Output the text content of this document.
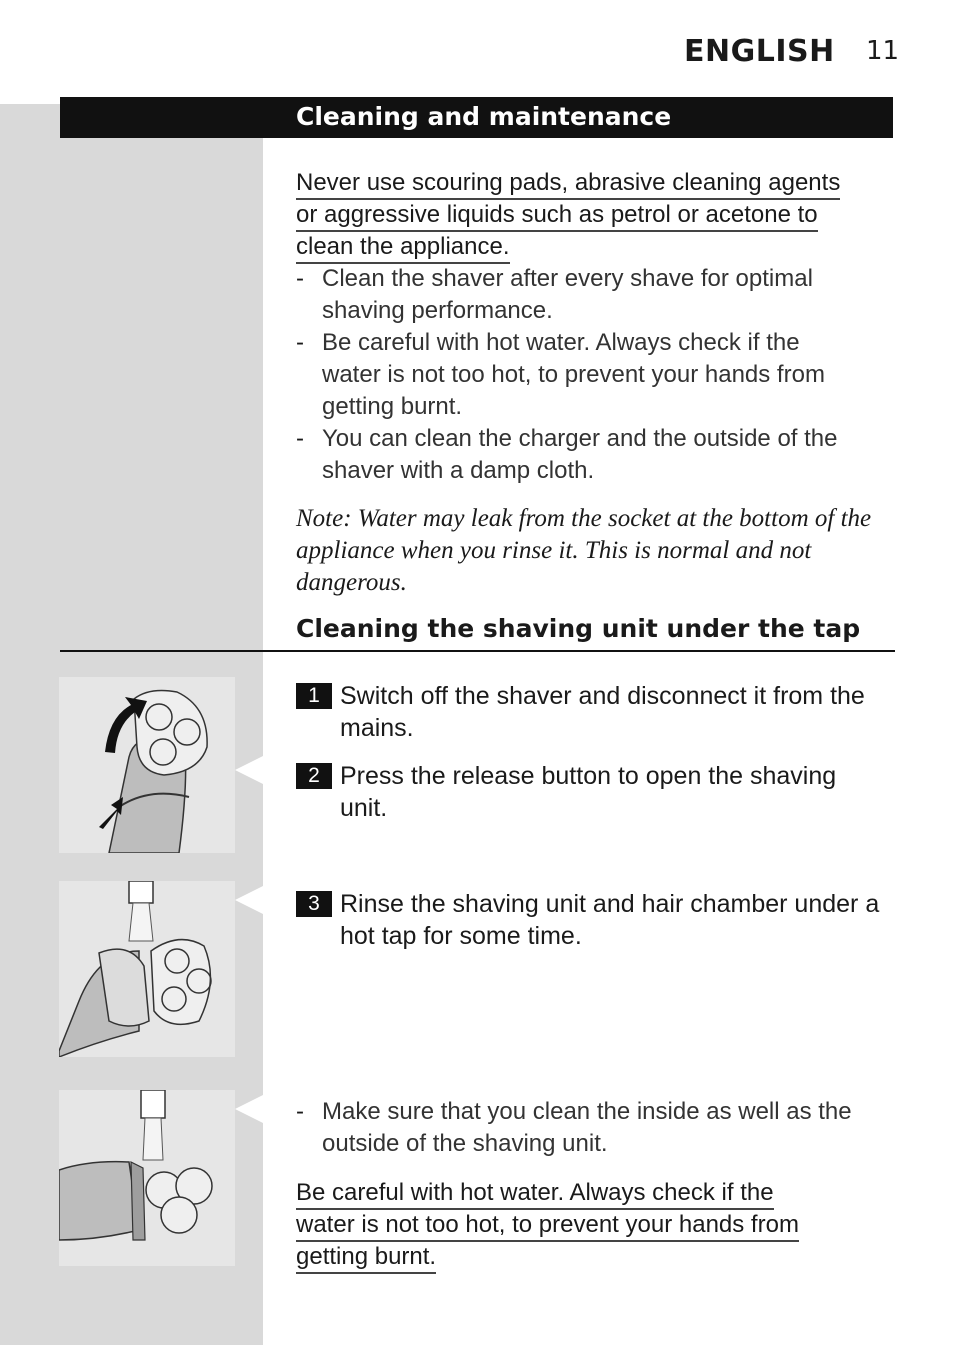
ENGLISH 11
Cleaning and maintenance
Never use scouring pads, abrasive cleaning agents
or aggressive liquids such as petrol or acetone to
clean the appliance.
- Clean the shaver after every shave for optimal
shaving performance.
- Be careful with hot water. Always check if the
water is not too hot, to prevent your hands from
getting burnt.
- You can clean the charger and the outside of the
shaver with a damp cloth.
Note: Water may leak from the socket at the bottom of the appliance when you rinse it. This is normal and not dangerous.
Cleaning the shaving unit under the tap
1 Switch off the shaver and disconnect it from the mains.
2 Press the release button to open the shaving unit.
3 Rinse the shaving unit and hair chamber under a hot tap for some time.
- Make sure that you clean the inside as well as the
outside of the shaving unit.
Be careful with hot water. Always check if the
water is not too hot, to prevent your hands from
getting burnt.
